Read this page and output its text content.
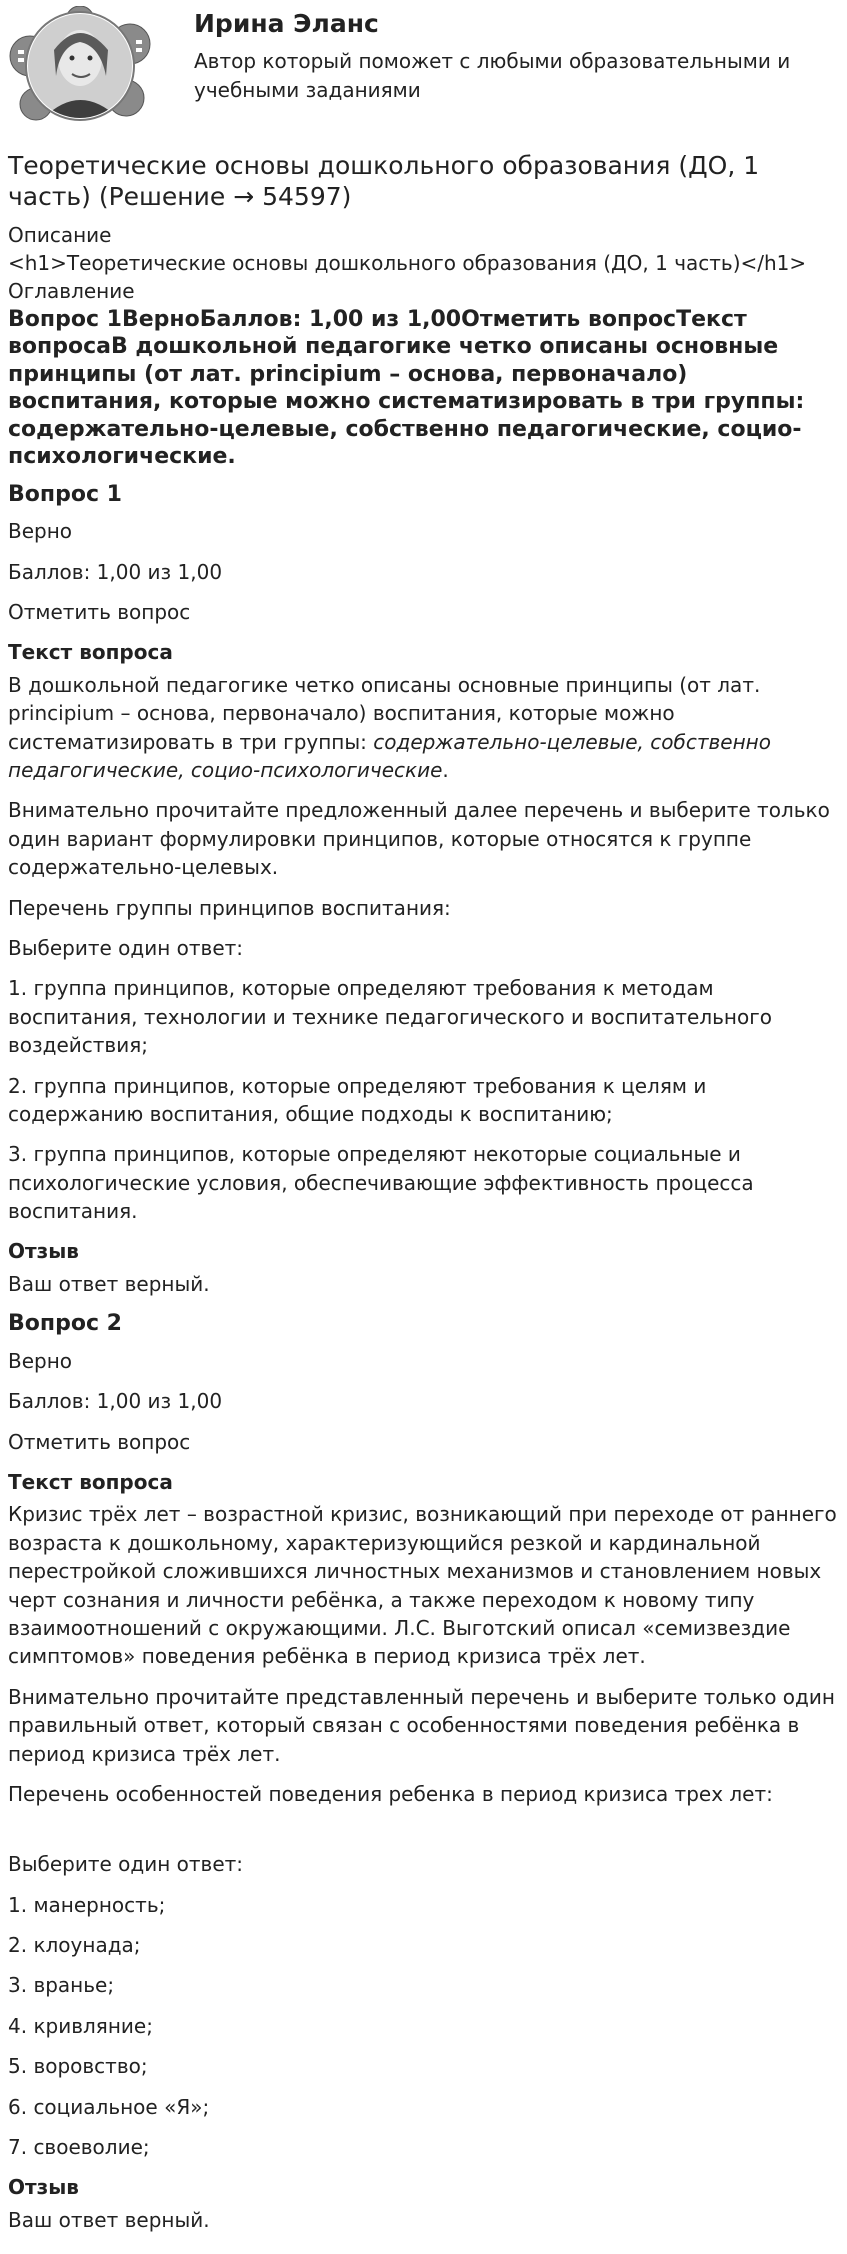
Ирина Эланс
Автор который поможет с любыми образовательными и учебными заданиями
Теоретические основы дошкольного образования (ДО, 1 часть) (Решение → 54597)
Описание
<h1>Теоретические основы дошкольного образования (ДО, 1 часть)</h1>
Оглавление
Вопрос 1ВерноБаллов: 1,00 из 1,00Отметить вопросТекст вопросаВ дошкольной педагогике четко описаны основные принципы (от лат. principium – основа, первоначало) воспитания, которые можно систематизировать в три группы: содержательно-целевые, собственно педагогические, социо-психологические.
Вопрос 1
Верно
Баллов: 1,00 из 1,00
Отметить вопрос
Текст вопроса
В дошкольной педагогике четко описаны основные принципы (от лат. principium – основа, первоначало) воспитания, которые можно систематизировать в три группы: содержательно-целевые, собственно педагогические, социо-психологические.
Внимательно прочитайте предложенный далее перечень и выберите только один вариант формулировки принципов, которые относятся к группе содержательно-целевых.
Перечень группы принципов воспитания:
Выберите один ответ:
1. группа принципов, которые определяют требования к методам воспитания, технологии и технике педагогического и воспитательного воздействия;
2. группа принципов, которые определяют требования к целям и содержанию воспитания, общие подходы к воспитанию;
3. группа принципов, которые определяют некоторые социальные и психологические условия, обеспечивающие эффективность процесса воспитания.
Отзыв
Ваш ответ верный.
Вопрос 2
Верно
Баллов: 1,00 из 1,00
Отметить вопрос
Текст вопроса
Кризис трёх лет – возрастной кризис, возникающий при переходе от раннего возраста к дошкольному, характеризующийся резкой и кардинальной перестройкой сложившихся личностных механизмов и становлением новых черт сознания и личности ребёнка, а также переходом к новому типу взаимоотношений с окружающими. Л.С. Выготский описал «семизвездие симптомов» поведения ребёнка в период кризиса трёх лет.
Внимательно прочитайте представленный перечень и выберите только один правильный ответ, который связан с особенностями поведения ребёнка в период кризиса трёх лет.
Перечень особенностей поведения ребенка в период кризиса трех лет:
Выберите один ответ:
1. манерность;
2. клоунада;
3. вранье;
4. кривляние;
5. воровство;
6. социальное «Я»;
7. своеволие;
Отзыв
Ваш ответ верный.
